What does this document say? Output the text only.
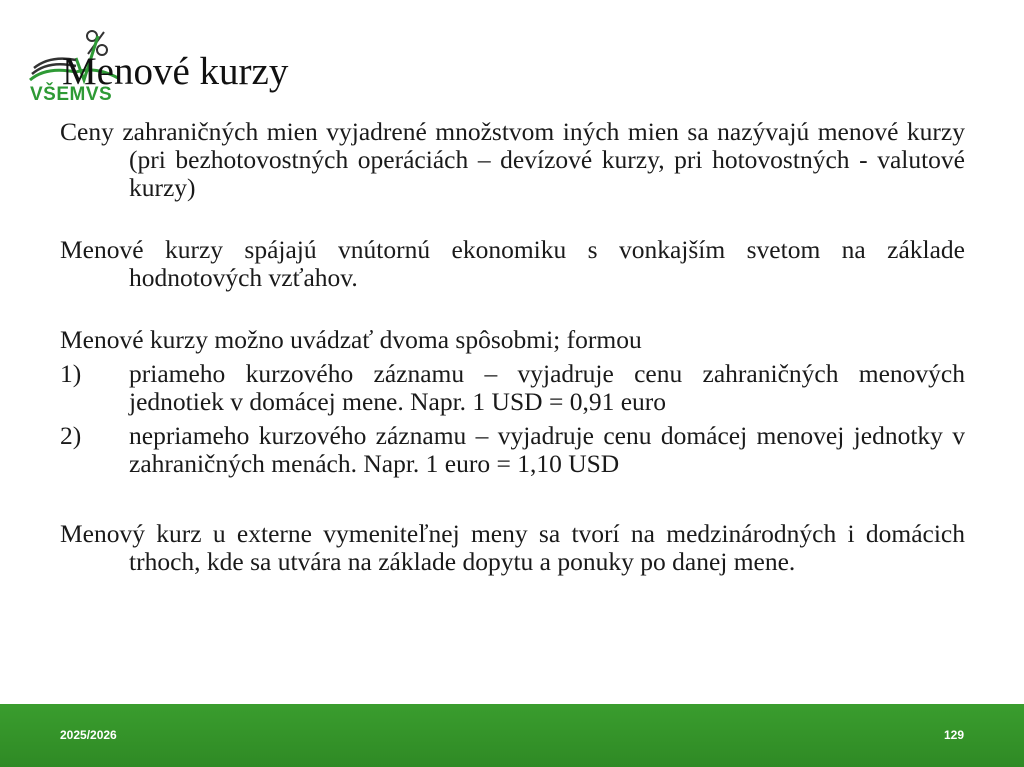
VŠEMVS
Menové kurzy

Ceny zahraničných mien vyjadrené množstvom iných mien sa nazývajú menové kurzy (pri bezhotovostných operáciách – devízové kurzy, pri hotovostných - valutové kurzy)

Menové kurzy spájajú vnútornú ekonomiku s vonkajším svetom na základe hodnotových vzťahov.

Menové kurzy možno uvádzať dvoma spôsobmi; formou

1)	priameho kurzového záznamu – vyjadruje cenu zahraničných menových jednotiek v domácej mene. Napr. 1 USD = 0,91 euro
2)	nepriameho kurzového záznamu – vyjadruje cenu domácej menovej jednotky v zahraničných menách. Napr. 1 euro = 1,10 USD

Menový kurz u externe vymeniteľnej meny sa tvorí na medzinárodných i domácich trhoch, kde sa utvára na základe dopytu a ponuky po danej mene.

2025/2026	129
